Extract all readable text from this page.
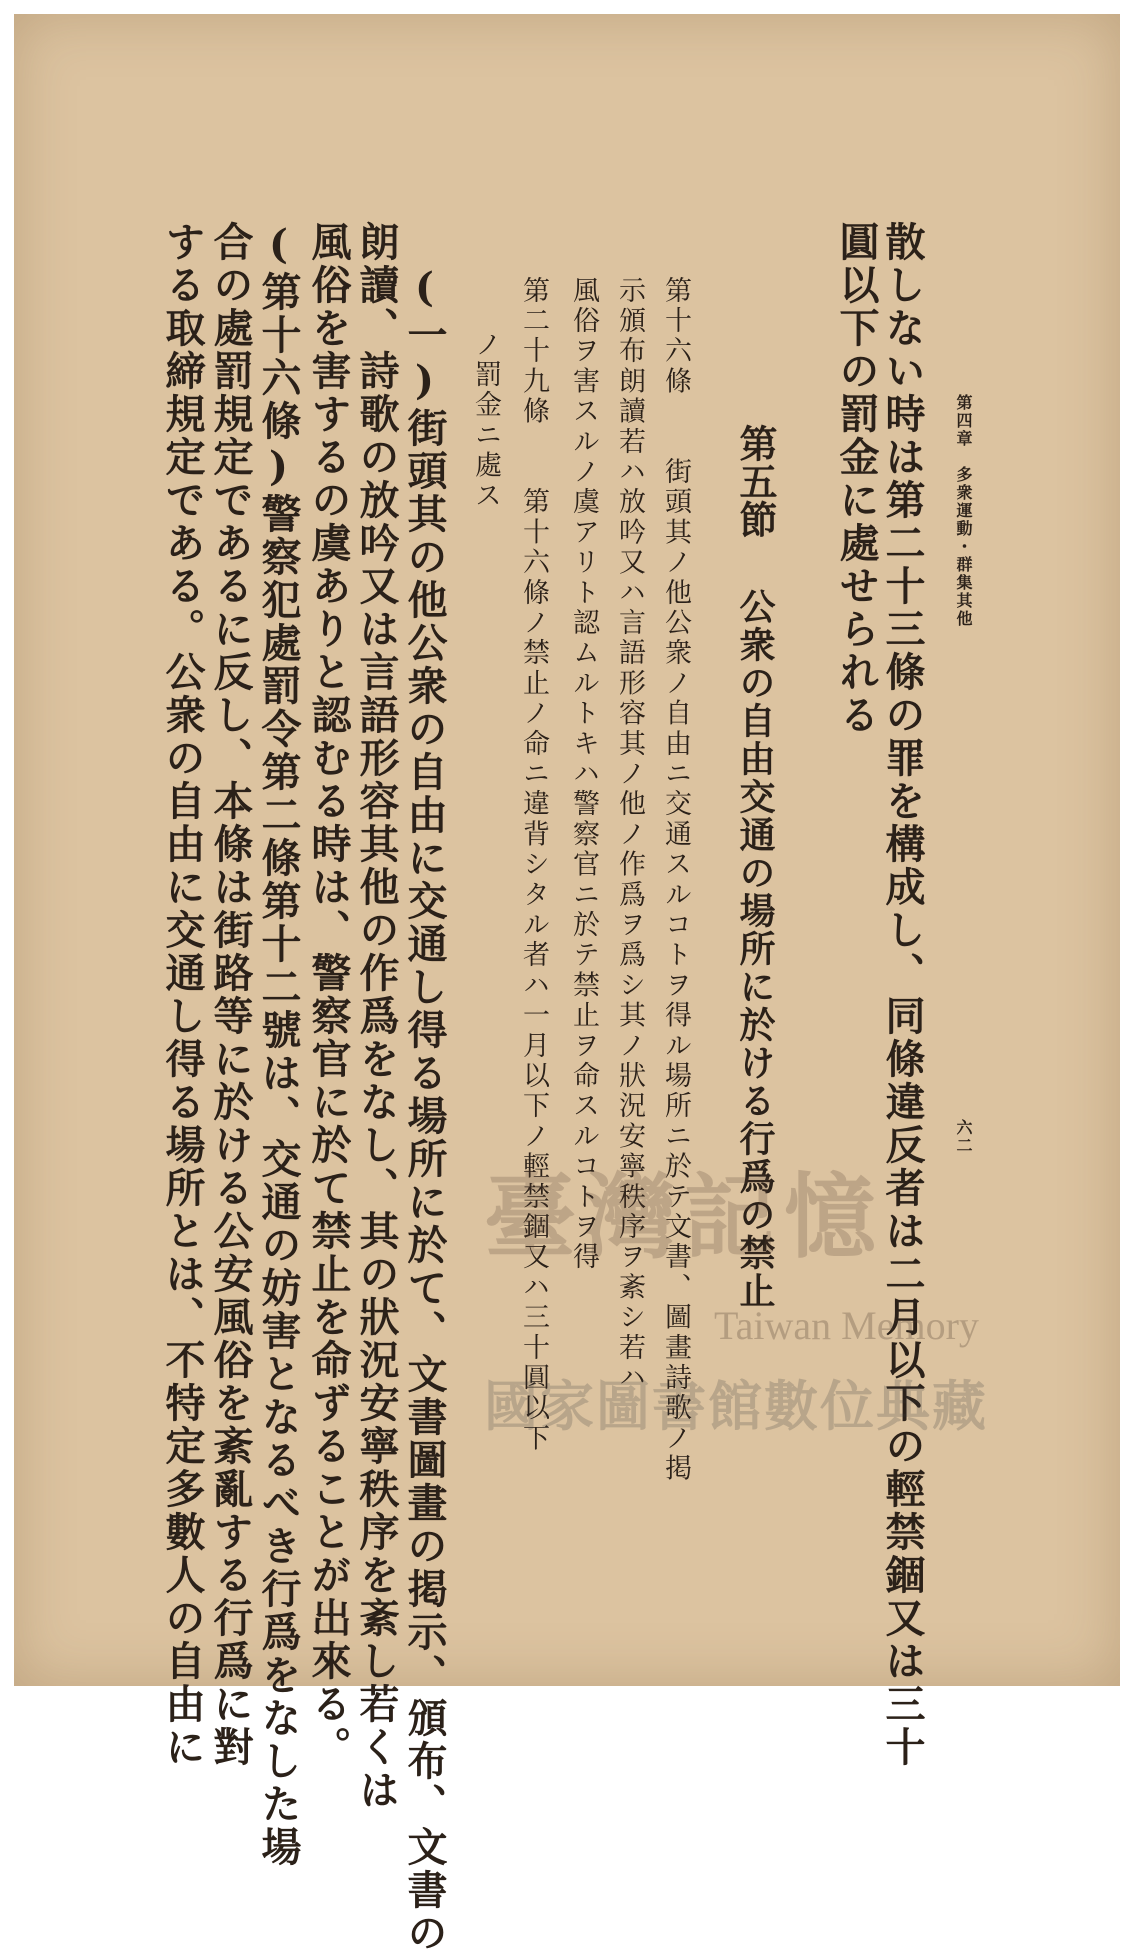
第四章　多衆運動・群集其他
六二
散しない時は第二十三條の罪を構成し、同條違反者は二月以下の輕禁錮又は三十
圓以下の罰金に處せられる
第五節公衆の自由交通の場所に於ける行爲の禁止
第十六條　　街頭其ノ他公衆ノ自由ニ交通スルコトヲ得ル場所ニ於テ文書、圖畫詩歌ノ掲
示頒布朗讀若ハ放吟又ハ言語形容其ノ他ノ作爲ヲ爲シ其ノ狀況安寧秩序ヲ紊シ若ハ
風俗ヲ害スルノ虞アリト認ムルトキハ警察官ニ於テ禁止ヲ命スルコトヲ得
第二十九條　　第十六條ノ禁止ノ命ニ違背シタル者ハ一月以下ノ輕禁錮又ハ三十圓以下
ノ罰金ニ處ス
(一)街頭其の他公衆の自由に交通し得る場所に於て、文書圖畫の掲示、頒布、文書の
朗讀、詩歌の放吟又は言語形容其他の作爲をなし、其の狀況安寧秩序を紊し若くは
風俗を害するの虞ありと認むる時は、警察官に於て禁止を命ずることが出來る。
(第十六條)警察犯處罰令第二條第十二號は、交通の妨害となるべき行爲をなした場
合の處罰規定であるに反し、本條は街路等に於ける公安風俗を紊亂する行爲に對
する取締規定である。公衆の自由に交通し得る場所とは、不特定多數人の自由に	臺灣記憶
Taiwan Memory
國家圖書館數位典藏
